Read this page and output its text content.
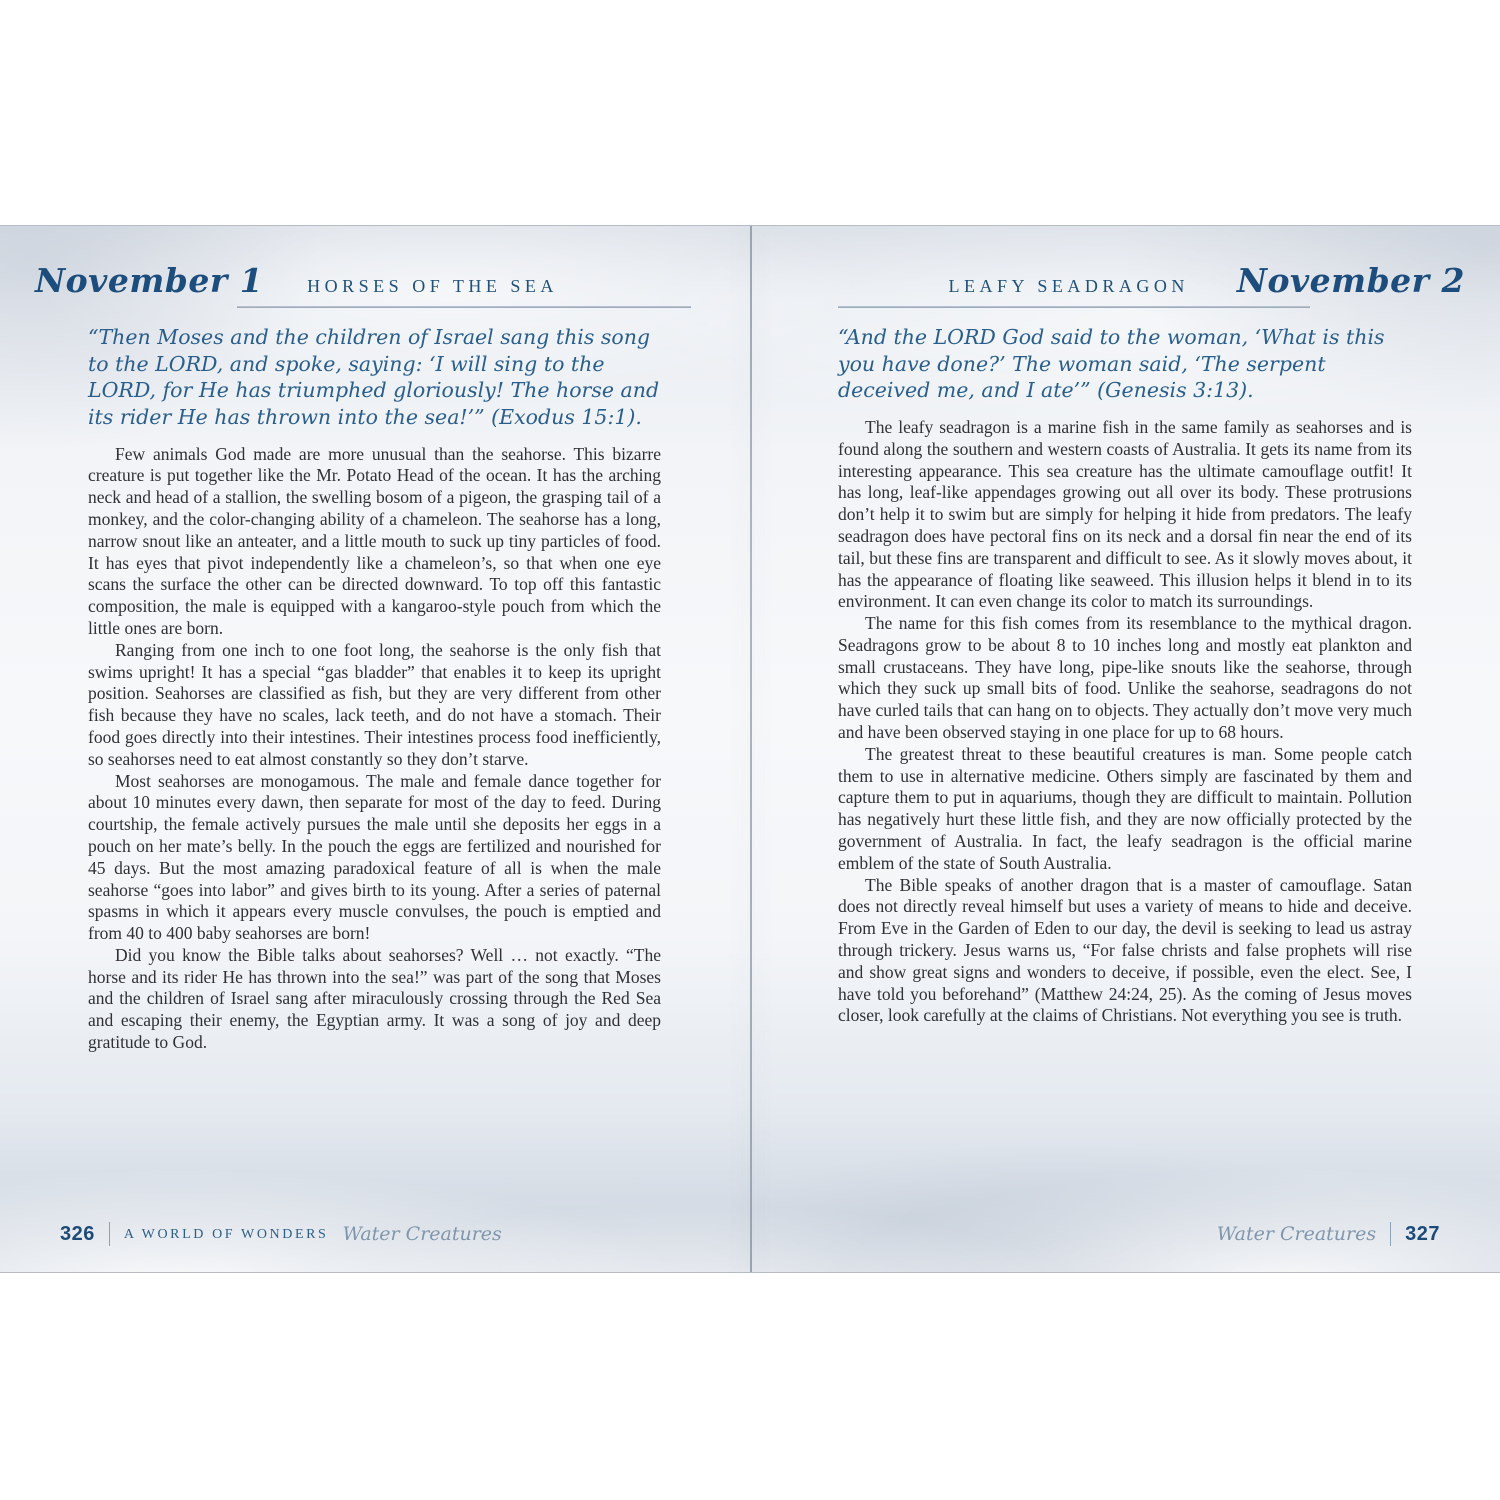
November 1 HORSES OF THE SEA

“Then Moses and the children of Israel sang this song to the LORD, and spoke, saying: ‘I will sing to the LORD, for He has triumphed gloriously! The horse and its rider He has thrown into the sea!’” (Exodus 15:1).

Few animals God made are more unusual than the seahorse. This bizarre creature is put together like the Mr. Potato Head of the ocean. It has the arching neck and head of a stallion, the swelling bosom of a pigeon, the grasping tail of a monkey, and the color-changing ability of a chameleon. The seahorse has a long, narrow snout like an anteater, and a little mouth to suck up tiny particles of food. It has eyes that pivot independently like a chameleon’s, so that when one eye scans the surface the other can be directed downward. To top off this fantastic composition, the male is equipped with a kangaroo-style pouch from which the little ones are born.

Ranging from one inch to one foot long, the seahorse is the only fish that swims upright! It has a special “gas bladder” that enables it to keep its upright position. Seahorses are classified as fish, but they are very different from other fish because they have no scales, lack teeth, and do not have a stomach. Their food goes directly into their intestines. Their intestines process food inefficiently, so seahorses need to eat almost constantly so they don’t starve.

Most seahorses are monogamous. The male and female dance together for about 10 minutes every dawn, then separate for most of the day to feed. During courtship, the female actively pursues the male until she deposits her eggs in a pouch on her mate’s belly. In the pouch the eggs are fertilized and nourished for 45 days. But the most amazing paradoxical feature of all is when the male seahorse “goes into labor” and gives birth to its young. After a series of paternal spasms in which it appears every muscle convulses, the pouch is emptied and from 40 to 400 baby seahorses are born!

Did you know the Bible talks about seahorses? Well … not exactly. “The horse and its rider He has thrown into the sea!” was part of the song that Moses and the children of Israel sang after miraculously crossing through the Red Sea and escaping their enemy, the Egyptian army. It was a song of joy and deep gratitude to God.

326 A WORLD OF WONDERS Water Creatures
LEAFY SEADRAGON November 2

“And the LORD God said to the woman, ‘What is this you have done?’ The woman said, ‘The serpent deceived me, and I ate’” (Genesis 3:13).

The leafy seadragon is a marine fish in the same family as seahorses and is found along the southern and western coasts of Australia. It gets its name from its interesting appearance. This sea creature has the ultimate camouflage outfit! It has long, leaf-like appendages growing out all over its body. These protrusions don’t help it to swim but are simply for helping it hide from predators. The leafy seadragon does have pectoral fins on its neck and a dorsal fin near the end of its tail, but these fins are transparent and difficult to see. As it slowly moves about, it has the appearance of floating like seaweed. This illusion helps it blend in to its environment. It can even change its color to match its surroundings.

The name for this fish comes from its resemblance to the mythical dragon. Seadragons grow to be about 8 to 10 inches long and mostly eat plankton and small crustaceans. They have long, pipe-like snouts like the seahorse, through which they suck up small bits of food. Unlike the seahorse, seadragons do not have curled tails that can hang on to objects. They actually don’t move very much and have been observed staying in one place for up to 68 hours.

The greatest threat to these beautiful creatures is man. Some people catch them to use in alternative medicine. Others simply are fascinated by them and capture them to put in aquariums, though they are difficult to maintain. Pollution has negatively hurt these little fish, and they are now officially protected by the government of Australia. In fact, the leafy seadragon is the official marine emblem of the state of South Australia.

The Bible speaks of another dragon that is a master of camouflage. Satan does not directly reveal himself but uses a variety of means to hide and deceive. From Eve in the Garden of Eden to our day, the devil is seeking to lead us astray through trickery. Jesus warns us, “For false christs and false prophets will rise and show great signs and wonders to deceive, if possible, even the elect. See, I have told you beforehand” (Matthew 24:24, 25). As the coming of Jesus moves closer, look carefully at the claims of Christians. Not everything you see is truth.

Water Creatures 327
